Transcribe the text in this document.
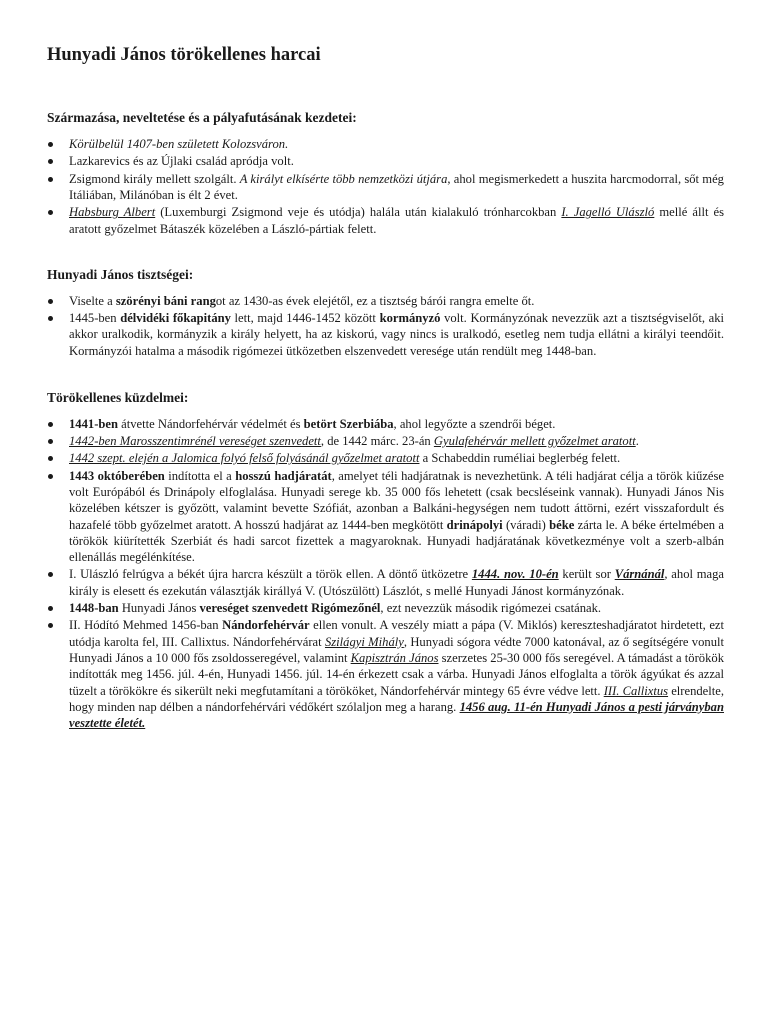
Hunyadi János törökellenes harcai
Származása, neveltetése és a pályafutásának kezdetei:
Körülbelül 1407-ben született Kolozsváron.
Lazkarevics és az Újlaki család apródja volt.
Zsigmond király mellett szolgált. A királyt elkísérte több nemzetközi útjára, ahol megismerkedett a huszita harcmodorral, sőt még Itáliában, Milánóban is élt 2 évet.
Habsburg Albert (Luxemburgi Zsigmond veje és utódja) halála után kialakuló trónharcokban I. Jagelló Ulászló mellé állt és aratott győzelmet Bátaszék közelében a László-pártiak felett.
Hunyadi János tisztségei:
Viselte a szörényi báni rangot az 1430-as évek elejétől, ez a tisztség bárói rangra emelte őt.
1445-ben délvidéki főkapitány lett, majd 1446-1452 között kormányzó volt. Kormányzónak nevezzük azt a tisztségviselőt, aki akkor uralkodik, kormányzik a király helyett, ha az kiskorú, vagy nincs is uralkodó, esetleg nem tudja ellátni a királyi teendőit. Kormányzói hatalma a második rigómezei ütközetben elszenvedett veresége után rendült meg 1448-ban.
Törökellenes küzdelmei:
1441-ben átvette Nándorfehérvár védelmét és betört Szerbiába, ahol legyőzte a szendrői béget.
1442-ben Marosszentimrénél vereséget szenvedett, de 1442 márc. 23-án Gyulafehérvár mellett győzelmet aratott.
1442 szept. elején a Jalomica folyó felső folyásánál győzelmet aratott a Schabeddin ruméliai beglerbég felett.
1443 októberében indította el a hosszú hadjáratát, amelyet téli hadjáratnak is nevezhetünk. A téli hadjárat célja a török kiűzése volt Európából és Drinápoly elfoglalása. Hunyadi serege kb. 35 000 fős lehetett (csak becsléseink vannak). Hunyadi János Nis közelében kétszer is győzött, valamint bevette Szófiát, azonban a Balkáni-hegységen nem tudott áttörni, ezért visszafordult és hazafelé több győzelmet aratott. A hosszú hadjárat az 1444-ben megkötött drinápolyi (váradi) béke zárta le. A béke értelmében a törökök kiürítették Szerbiát és hadi sarcot fizettek a magyaroknak. Hunyadi hadjáratának következménye volt a szerb-albán ellenállás megélénkítése.
I. Ulászló felrúgva a békét újra harcra készült a török ellen. A döntő ütközetre 1444. nov. 10-én került sor Várnánál, ahol maga király is elesett és ezekután választják királlyá V. (Utószülött) Lászlót, s mellé Hunyadi Jánost kormányzónak.
1448-ban Hunyadi János vereséget szenvedett Rigómezőnél, ezt nevezzük második rigómezei csatának.
II. Hódító Mehmed 1456-ban Nándorfehérvár ellen vonult. A veszély miatt a pápa (V. Miklós) kereszteshadjáratot hirdetett, ezt utódja karolta fel, III. Callixtus. Nándorfehérvárat Szilágyi Mihály, Hunyadi sógora védte 7000 katonával, az ő segítségére vonult Hunyadi János a 10 000 fős zsoldosseregével, valamint Kapisztrán János szerzetes 25-30 000 fős seregével. A támadást a törökök indították meg 1456. júl. 4-én, Hunyadi 1456. júl. 14-én érkezett csak a várba. Hunyadi János elfoglalta a török ágyúkat és azzal tüzelt a törökökre és sikerült neki megfutamítani a törököket, Nándorfehérvár mintegy 65 évre védve lett. III. Callixtus elrendelte, hogy minden nap délben a nándorfehérvári védőkért szólaljon meg a harang. 1456 aug. 11-én Hunyadi János a pesti járványban vesztette életét.
